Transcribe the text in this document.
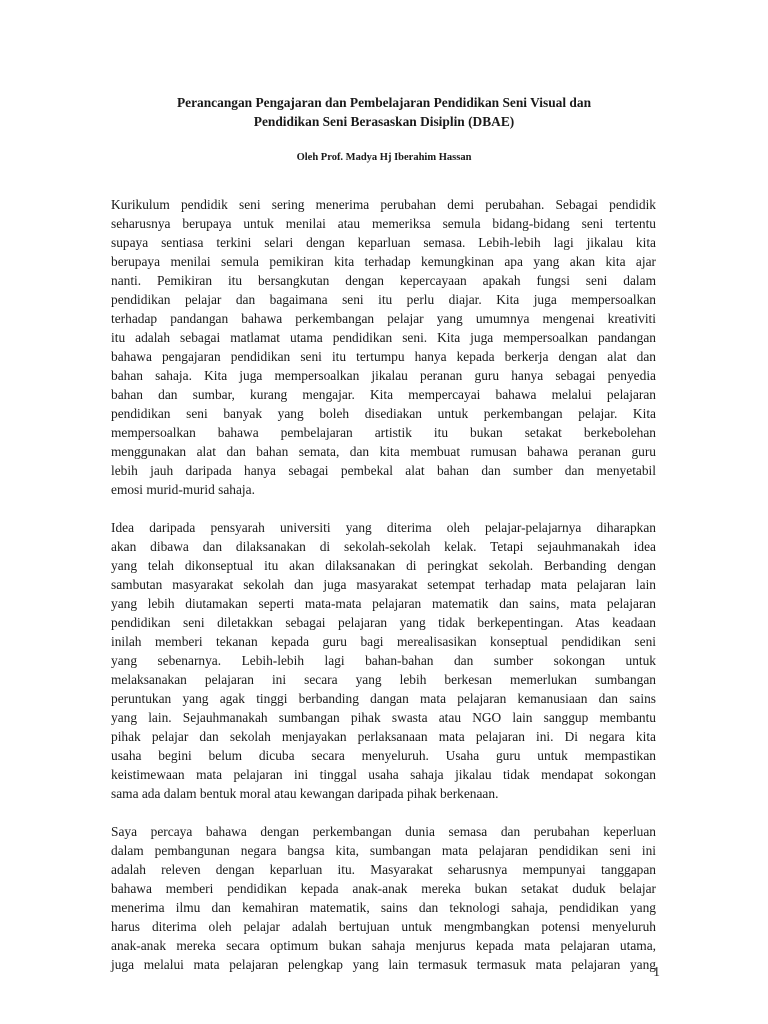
Perancangan Pengajaran dan Pembelajaran Pendidikan Seni Visual dan
Pendidikan Seni Berasaskan Disiplin (DBAE)
Oleh Prof. Madya Hj Iberahim Hassan
Kurikulum pendidik seni sering menerima perubahan demi perubahan. Sebagai pendidik
seharusnya berupaya untuk menilai atau memeriksa semula bidang-bidang seni tertentu
supaya sentiasa terkini selari dengan keparluan semasa. Lebih-lebih lagi jikalau kita
berupaya menilai semula pemikiran kita terhadap kemungkinan apa yang akan kita ajar
nanti. Pemikiran itu bersangkutan dengan kepercayaan apakah fungsi seni dalam
pendidikan pelajar dan bagaimana seni itu perlu diajar. Kita juga mempersoalkan
terhadap pandangan bahawa perkembangan pelajar yang umumnya mengenai kreativiti
itu adalah sebagai matlamat utama pendidikan seni. Kita juga mempersoalkan pandangan
bahawa pengajaran pendidikan seni itu tertumpu hanya kepada berkerja dengan alat dan
bahan sahaja. Kita juga mempersoalkan jikalau peranan guru hanya sebagai penyedia
bahan dan sumbar, kurang mengajar. Kita mempercayai bahawa melalui pelajaran
pendidikan seni banyak yang boleh disediakan untuk perkembangan pelajar. Kita
mempersoalkan bahawa pembelajaran artistik itu bukan setakat berkebolehan
menggunakan alat dan bahan semata, dan kita membuat rumusan bahawa peranan guru
lebih jauh daripada hanya sebagai pembekal alat bahan dan sumber dan menyetabil
emosi murid-murid sahaja.
Idea daripada pensyarah universiti yang diterima oleh pelajar-pelajarnya diharapkan
akan dibawa dan dilaksanakan di sekolah-sekolah kelak. Tetapi sejauhmanakah idea
yang telah dikonseptual itu akan dilaksanakan di peringkat sekolah. Berbanding dengan
sambutan masyarakat sekolah dan juga masyarakat setempat terhadap mata pelajaran lain
yang lebih diutamakan seperti mata-mata pelajaran matematik dan sains, mata pelajaran
pendidikan seni diletakkan sebagai pelajaran yang tidak berkepentingan. Atas keadaan
inilah memberi tekanan kepada guru bagi merealisasikan konseptual pendidikan seni
yang sebenarnya. Lebih-lebih lagi bahan-bahan dan sumber sokongan untuk
melaksanakan pelajaran ini secara yang lebih berkesan memerlukan sumbangan
peruntukan yang agak tinggi berbanding dangan mata pelajaran kemanusiaan dan sains
yang lain. Sejauhmanakah sumbangan pihak swasta atau NGO lain sanggup membantu
pihak pelajar dan sekolah menjayakan perlaksanaan mata pelajaran ini. Di negara kita
usaha begini belum dicuba secara menyeluruh. Usaha guru untuk mempastikan
keistimewaan mata pelajaran ini tinggal usaha sahaja jikalau tidak mendapat sokongan
sama ada dalam bentuk moral atau kewangan daripada pihak berkenaan.
Saya percaya bahawa dengan perkembangan dunia semasa dan perubahan keperluan
dalam pembangunan negara bangsa kita, sumbangan mata pelajaran pendidikan seni ini
adalah releven dengan keparluan itu. Masyarakat seharusnya mempunyai tanggapan
bahawa memberi pendidikan kepada anak-anak mereka bukan setakat duduk belajar
menerima ilmu dan kemahiran matematik, sains dan teknologi sahaja, pendidikan yang
harus diterima oleh pelajar adalah bertujuan untuk mengmbangkan potensi menyeluruh
anak-anak mereka secara optimum bukan sahaja menjurus kepada mata pelajaran utama,
juga melalui mata pelajaran pelengkap yang lain termasuk termasuk mata pelajaran yang
1
